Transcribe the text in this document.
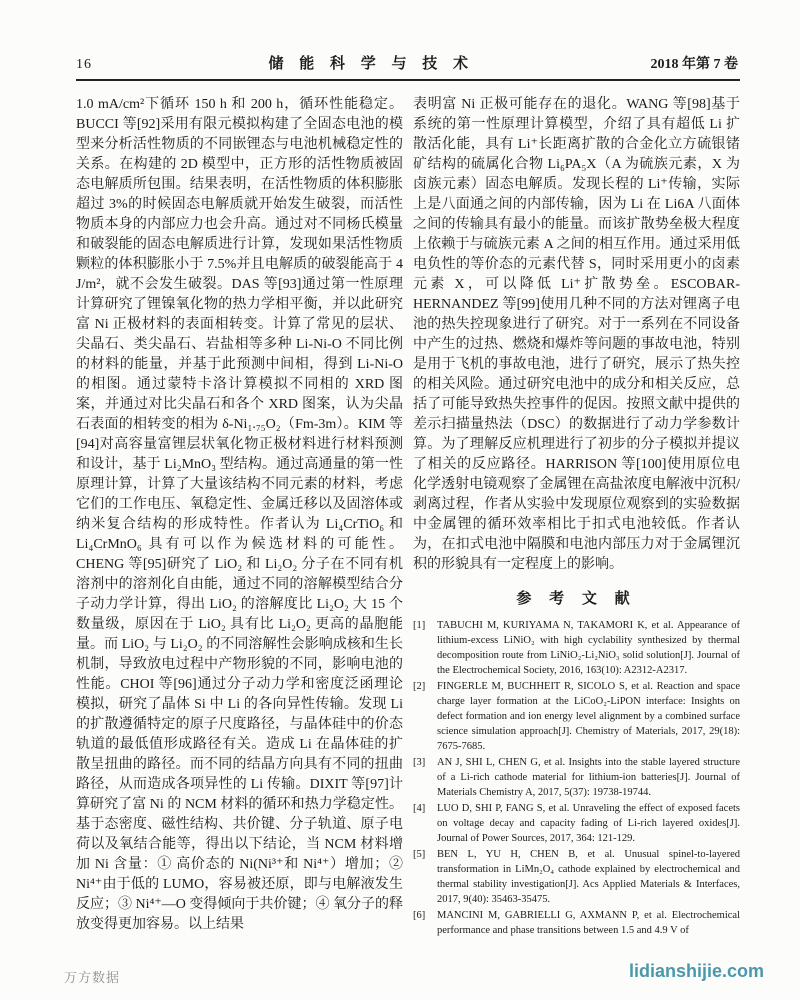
16	储 能 科 学 与 技 术	2018 年第 7 卷

1.0 mA/cm²下循环 150 h 和 200 h，循环性能稳定。BUCCI 等[92]采用有限元模拟构建了全固态电池的模型来分析活性物质的不同嵌锂态与电池机械稳定性的关系。在构建的 2D 模型中，正方形的活性物质被固态电解质所包围。结果表明，在活性物质的体积膨胀超过 3%的时候固态电解质就开始发生破裂，而活性物质本身的内部应力也会升高。通过对不同杨氏模量和破裂能的固态电解质进行计算，发现如果活性物质颗粒的体积膨胀小于 7.5%并且电解质的破裂能高于 4 J/m²，就不会发生破裂。DAS 等[93]通过第一性原理计算研究了锂镍氧化物的热力学相平衡，并以此研究富 Ni 正极材料的表面相转变。计算了常见的层状、尖晶石、类尖晶石、岩盐相等多种 Li-Ni-O 不同比例的材料的能量，并基于此预测中间相，得到 Li-Ni-O 的相图。通过蒙特卡洛计算模拟不同相的 XRD 图案，并通过对比尖晶石和各个 XRD 图案，认为尖晶石表面的相转变的相为 δ-Ni₁.₇₅O₂（Fm-3m）。KIM 等[94]对高容量富锂层状氧化物正极材料进行材料预测和设计，基于 Li₂MnO₃ 型结构。通过高通量的第一性原理计算，计算了大量该结构不同元素的材料，考虑它们的工作电压、氧稳定性、金属迁移以及固溶体或纳米复合结构的形成特性。作者认为 Li₄CrTiO₆ 和 Li₄CrMnO₆ 具有可以作为候选材料的可能性。CHENG 等[95]研究了 LiO₂ 和 Li₂O₂ 分子在不同有机溶剂中的溶剂化自由能，通过不同的溶解模型结合分子动力学计算，得出 LiO₂ 的溶解度比 Li₂O₂ 大 15 个数量级，原因在于 LiO₂ 具有比 Li₂O₂ 更高的晶胞能量。而 LiO₂ 与 Li₂O₂ 的不同溶解性会影响成核和生长机制，导致放电过程中产物形貌的不同，影响电池的性能。CHOI 等[96]通过分子动力学和密度泛函理论模拟，研究了晶体 Si 中 Li 的各向异性传输。发现 Li 的扩散遵循特定的原子尺度路径，与晶体硅中的价态轨道的最低值形成路径有关。造成 Li 在晶体硅的扩散呈扭曲的路径。而不同的结晶方向具有不同的扭曲路径，从而造成各项异性的 Li 传输。DIXIT 等[97]计算研究了富 Ni 的 NCM 材料的循环和热力学稳定性。基于态密度、磁性结构、共价键、分子轨道、原子电荷以及氧结合能等，得出以下结论，当 NCM 材料增加 Ni 含量：① 高价态的 Ni(Ni³⁺和 Ni⁴⁺）增加；② Ni⁴⁺由于低的 LUMO，容易被还原，即与电解液发生反应；③ Ni⁴⁺—O 变得倾向于共价键；④ 氧分子的释放变得更加容易。以上结果

表明富 Ni 正极可能存在的退化。WANG 等[98]基于系统的第一性原理计算模型，介绍了具有超低 Li 扩散活化能，具有 Li⁺长距离扩散的合金化立方硫银锗矿结构的硫属化合物 Li₆PA₅X（A 为硫族元素，X 为卤族元素）固态电解质。发现长程的 Li⁺传输，实际上是八面通之间的内部传输，因为 Li 在 Li6A 八面体之间的传输具有最小的能量。而该扩散势垒极大程度上依赖于与硫族元素 A 之间的相互作用。通过采用低电负性的等价态的元素代替 S，同时采用更小的卤素元素 X，可以降低 Li⁺扩散势垒。ESCOBAR-HERNANDEZ 等[99]使用几种不同的方法对锂离子电池的热失控现象进行了研究。对于一系列在不同设备中产生的过热、燃烧和爆炸等问题的事故电池，特别是用于飞机的事故电池，进行了研究，展示了热失控的相关风险。通过研究电池中的成分和相关反应，总括了可能导致热失控事件的促因。按照文献中提供的差示扫描量热法（DSC）的数据进行了动力学参数计算。为了理解反应机理进行了初步的分子模拟并提议了相关的反应路径。HARRISON 等[100]使用原位电化学透射电镜观察了金属锂在高盐浓度电解液中沉积/剥离过程，作者从实验中发现原位观察到的实验数据中金属锂的循环效率相比于扣式电池较低。作者认为，在扣式电池中隔膜和电池内部压力对于金属锂沉积的形貌具有一定程度上的影响。

参 考 文 献
[1]	TABUCHI M, KURIYAMA N, TAKAMORI K, et al. Appearance of lithium-excess LiNiO₂ with high cyclability synthesized by thermal decomposition route from LiNiO₂-Li₂NiO₃ solid solution[J]. Journal of the Electrochemical Society, 2016, 163(10): A2312-A2317.
[2]	FINGERLE M, BUCHHEIT R, SICOLO S, et al. Reaction and space charge layer formation at the LiCoO₂-LiPON interface: Insights on defect formation and ion energy level alignment by a combined surface science simulation approach[J]. Chemistry of Materials, 2017, 29(18): 7675-7685.
[3]	AN J, SHI L, CHEN G, et al. Insights into the stable layered structure of a Li-rich cathode material for lithium-ion batteries[J]. Journal of Materials Chemistry A, 2017, 5(37): 19738-19744.
[4]	LUO D, SHI P, FANG S, et al. Unraveling the effect of exposed facets on voltage decay and capacity fading of Li-rich layered oxides[J]. Journal of Power Sources, 2017, 364: 121-129.
[5]	BEN L, YU H, CHEN B, et al. Unusual spinel-to-layered transformation in LiMn₂O₄ cathode explained by electrochemical and thermal stability investigation[J]. Acs Applied Materials & Interfaces, 2017, 9(40): 35463-35475.
[6]	MANCINI M, GABRIELLI G, AXMANN P, et al. Electrochemical performance and phase transitions between 1.5 and 4.9 V of
万方数据	lidianshijie.com
